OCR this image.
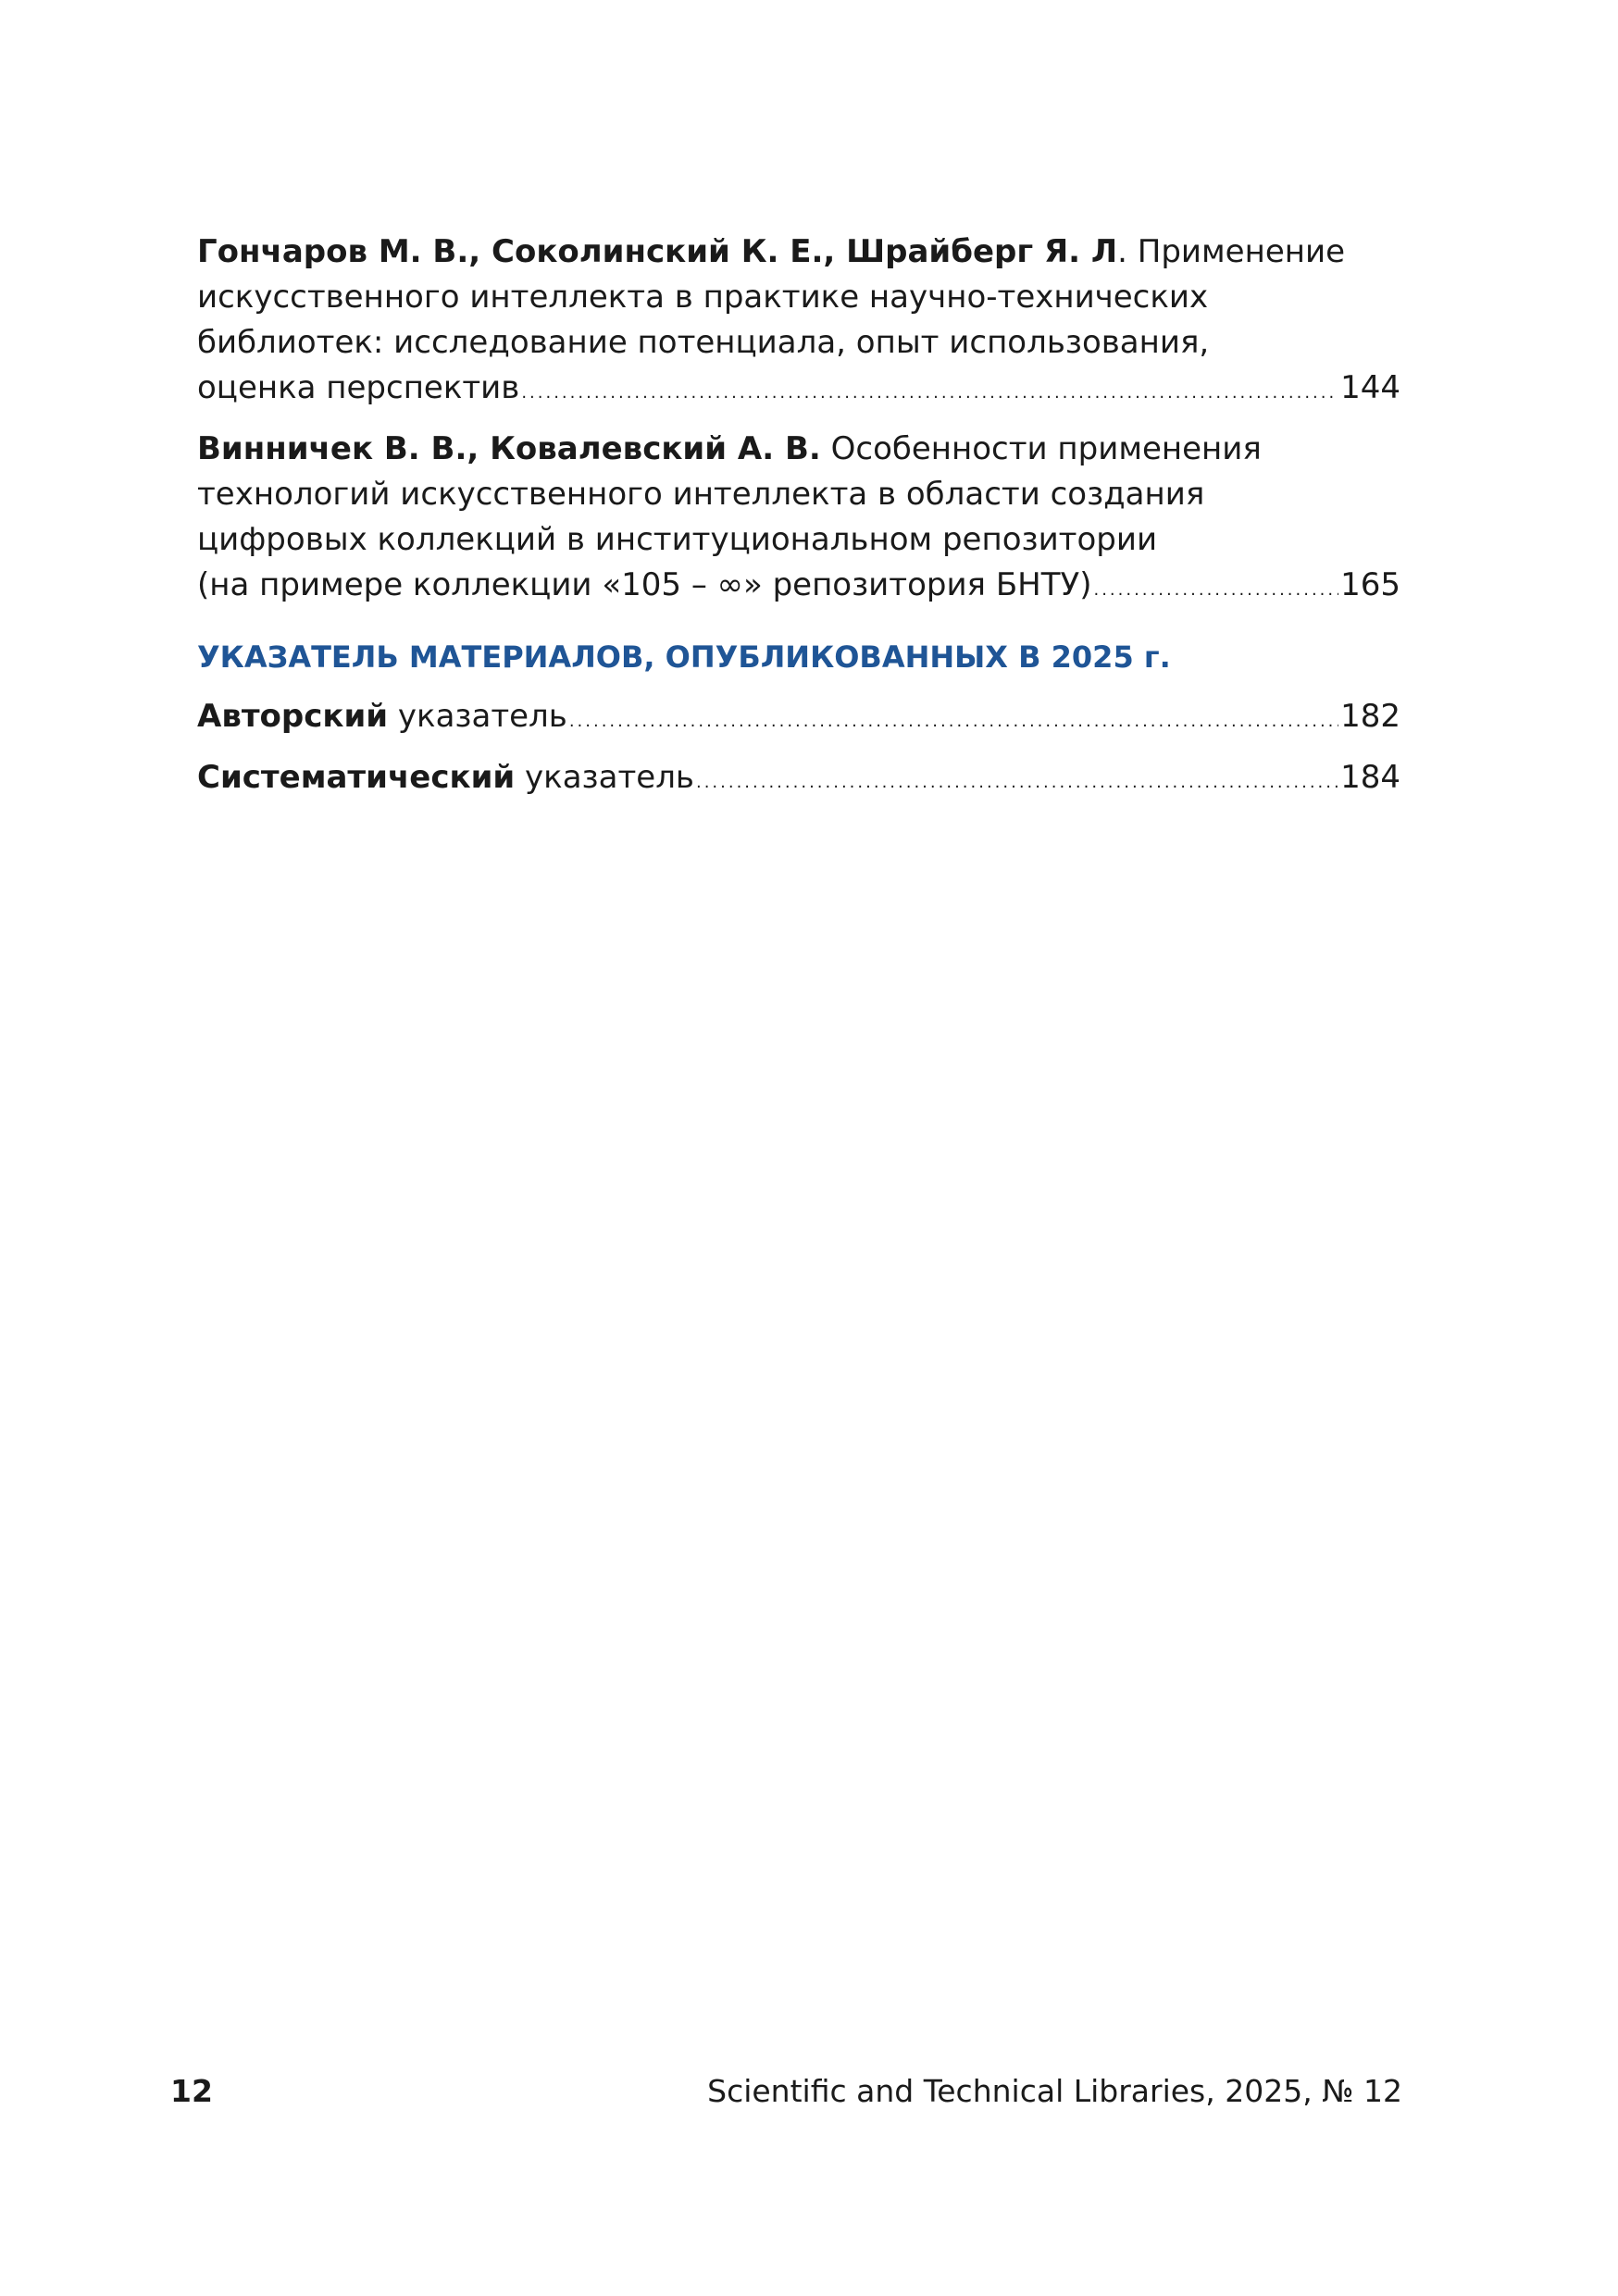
Гончаров М. В., Соколинский К. Е., Шрайберг Я. Л. Применение
искусственного интеллекта в практике научно-технических
библиотек: исследование потенциала, опыт использования,
оценка перспектив .....	144
Винничек В. В., Ковалевский А. В. Особенности применения
технологий искусственного интеллекта в области создания
цифровых коллекций в институциональном репозитории
(на примере коллекции «105 – ∞» репозитория БНТУ) .....	165
УКАЗАТЕЛЬ МАТЕРИАЛОВ, ОПУБЛИКОВАННЫХ В 2025 г.
Авторский указатель .....	182
Систематический указатель .....	184
12	Scientific and Technical Libraries, 2025, № 12
